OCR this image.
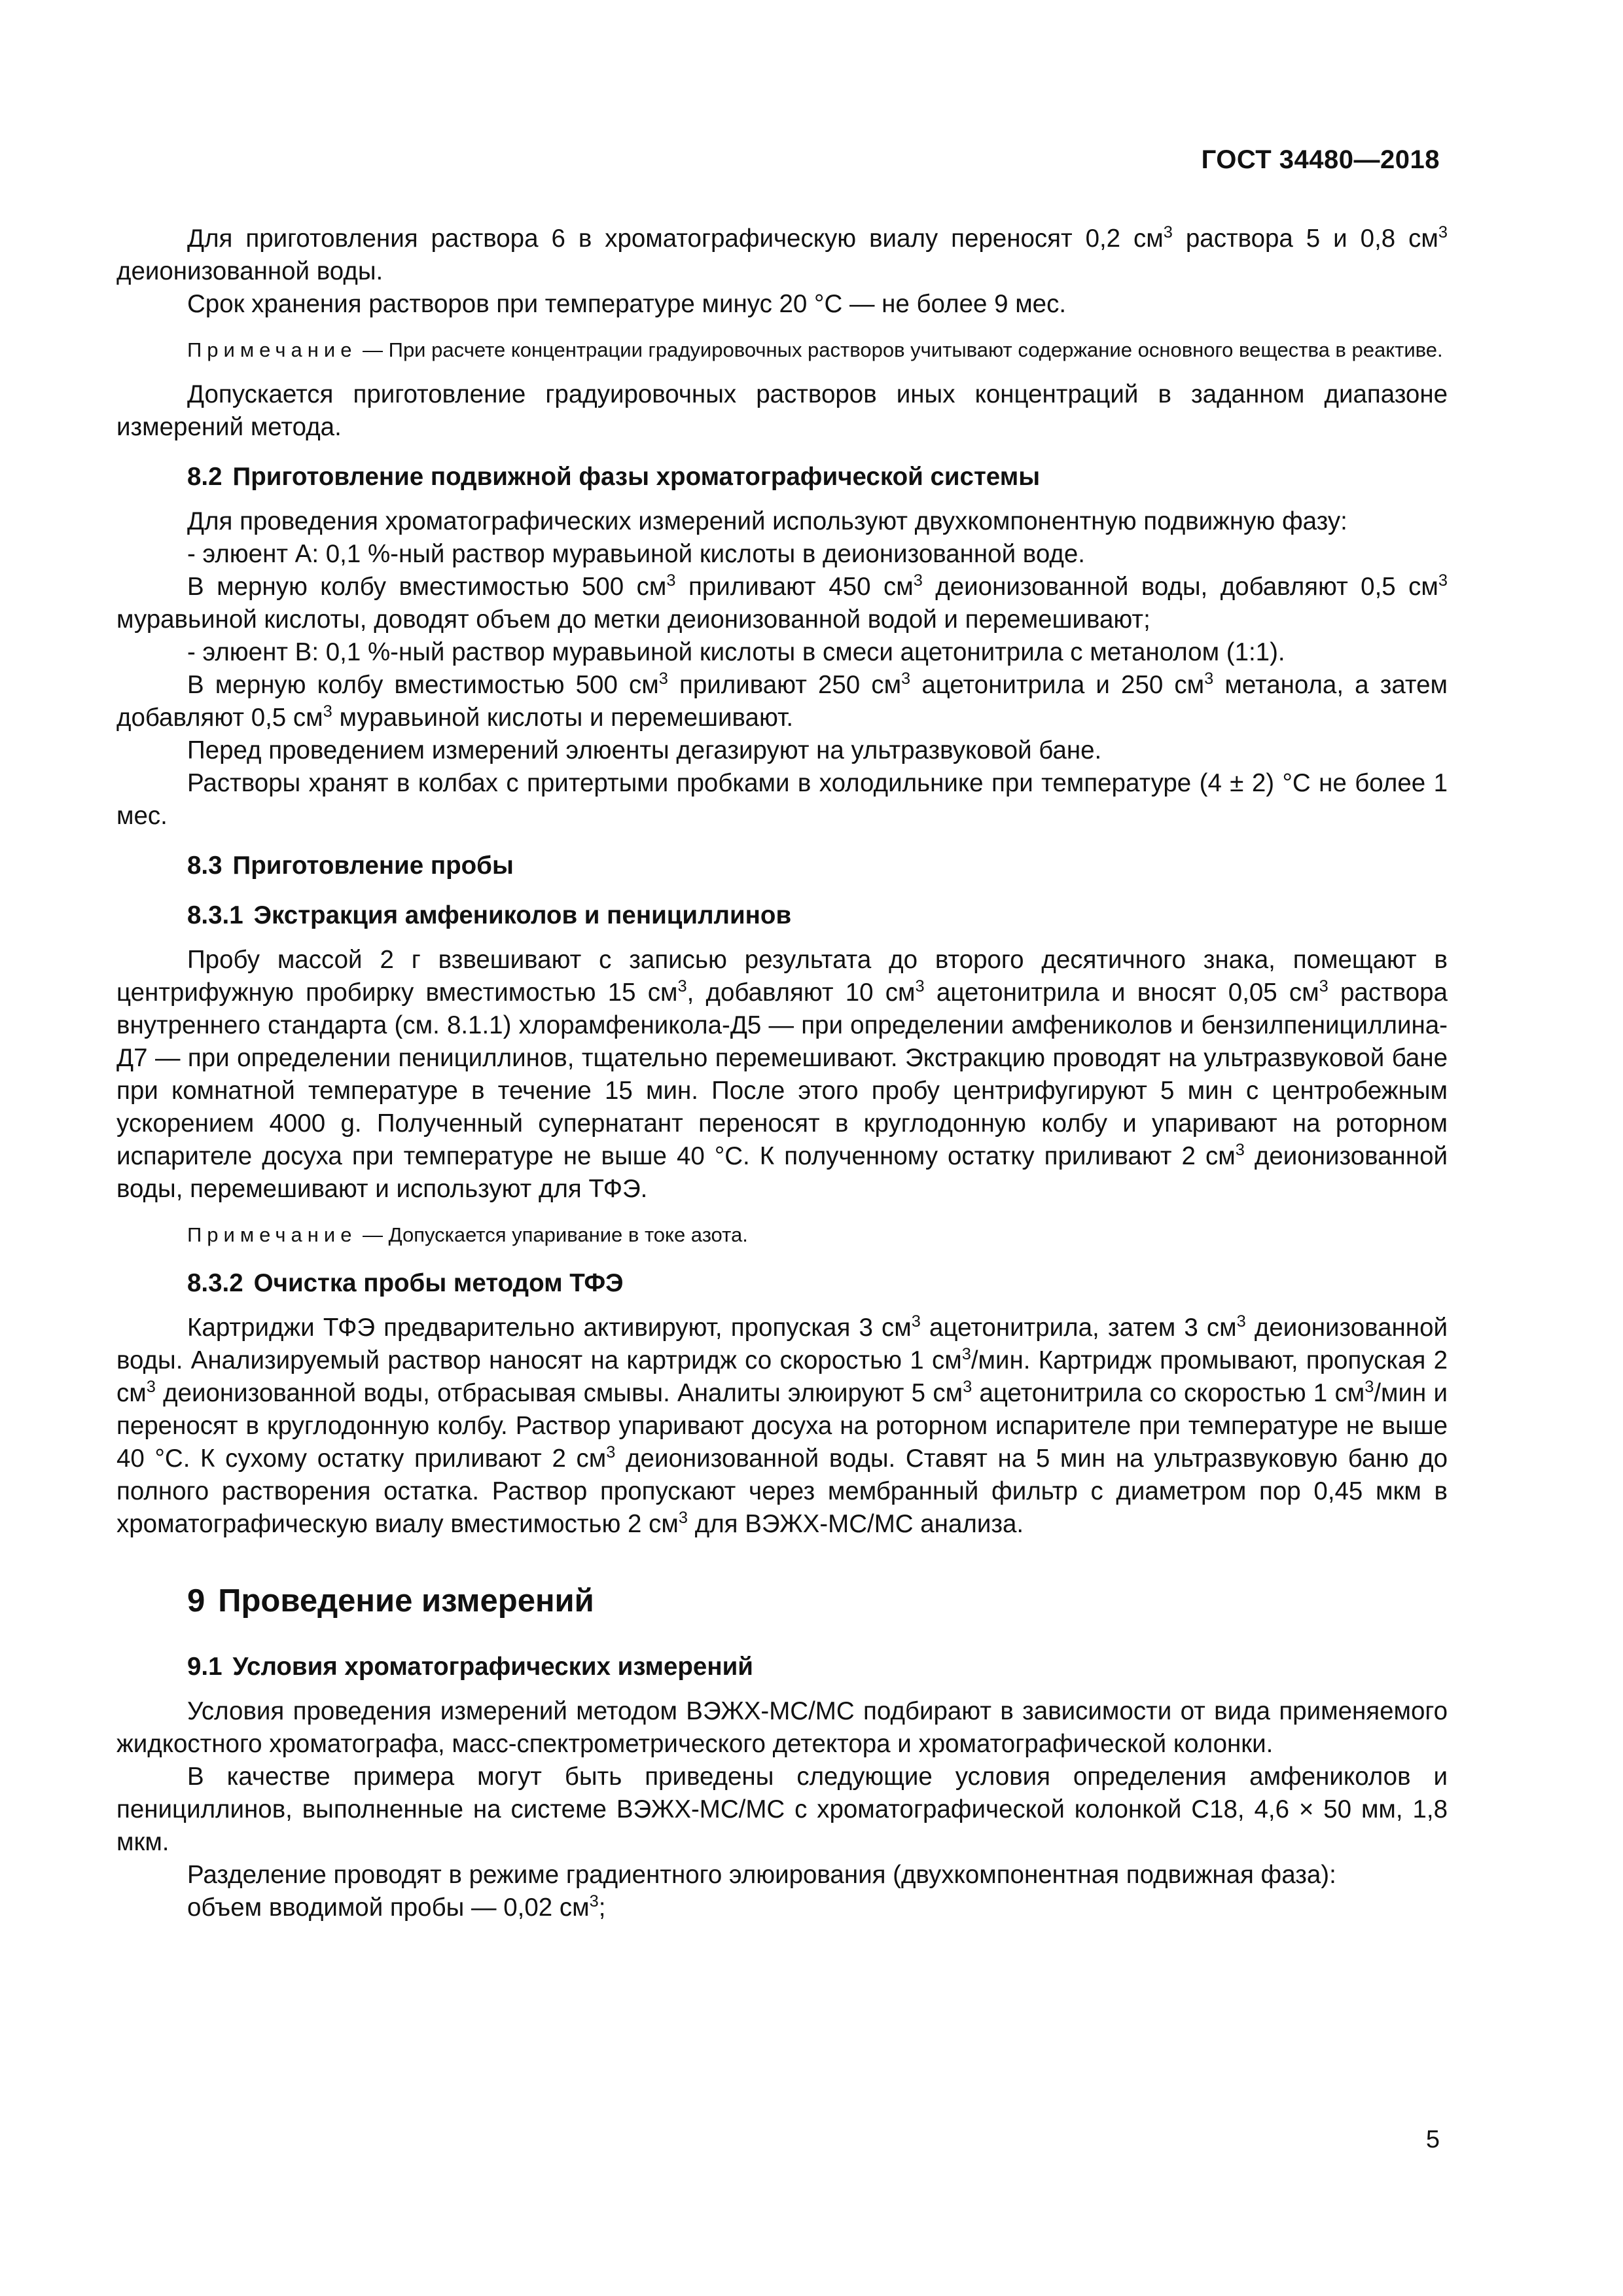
ГОСТ 34480—2018

Для приготовления раствора 6 в хроматографическую виалу переносят 0,2 $см^3$ раствора 5 и 0,8 $см^3$ деионизованной воды.

Срок хранения растворов при температуре минус 20 °С — не более 9 мес.

Примечание — При расчете концентрации градуировочных растворов учитывают содержание основного вещества в реактиве.

Допускается приготовление градуировочных растворов иных концентраций в заданном диапазоне измерений метода.

8.2 Приготовление подвижной фазы хроматографической системы

Для проведения хроматографических измерений используют двухкомпонентную подвижную фазу:

- элюент А: 0,1 %-ный раствор муравьиной кислоты в деионизованной воде.

В мерную колбу вместимостью 500 $см^3$ приливают 450 $см^3$ деионизованной воды, добавляют 0,5 $см^3$ муравьиной кислоты, доводят объем до метки деионизованной водой и перемешивают;

- элюент В: 0,1 %-ный раствор муравьиной кислоты в смеси ацетонитрила с метанолом (1:1).

В мерную колбу вместимостью 500 $см^3$ приливают 250 $см^3$ ацетонитрила и 250 $см^3$ метанола, а затем добавляют 0,5 $см^3$ муравьиной кислоты и перемешивают.

Перед проведением измерений элюенты дегазируют на ультразвуковой бане.

Растворы хранят в колбах с притертыми пробками в холодильнике при температуре (4 ± 2) °С не более 1 мес.

8.3 Приготовление пробы
8.3.1 Экстракция амфениколов и пенициллинов

Пробу массой 2 г взвешивают с записью результата до второго десятичного знака, помещают в центрифужную пробирку вместимостью 15 $см^3$, добавляют 10 $см^3$ ацетонитрила и вносят 0,05 $см^3$ раствора внутреннего стандарта (см. 8.1.1) хлорамфеникола-Д5 — при определении амфениколов и бензилпенициллина-Д7 — при определении пенициллинов, тщательно перемешивают. Экстракцию проводят на ультразвуковой бане при комнатной температуре в течение 15 мин. После этого пробу центрифугируют 5 мин с центробежным ускорением 4000 g. Полученный супернатант переносят в круглодонную колбу и упаривают на роторном испарителе досуха при температуре не выше 40 °С. К полученному остатку приливают 2 $см^3$ деионизованной воды, перемешивают и используют для ТФЭ.

Примечание — Допускается упаривание в токе азота.

8.3.2 Очистка пробы методом ТФЭ

Картриджи ТФЭ предварительно активируют, пропуская 3 $см^3$ ацетонитрила, затем 3 $см^3$ деионизованной воды. Анализируемый раствор наносят на картридж со скоростью 1 $см^3$/мин. Картридж промывают, пропуская 2 $см^3$ деионизованной воды, отбрасывая смывы. Аналиты элюируют 5 $см^3$ ацетонитрила со скоростью 1 $см^3$/мин и переносят в круглодонную колбу. Раствор упаривают досуха на роторном испарителе при температуре не выше 40 °С. К сухому остатку приливают 2 $см^3$ деионизованной воды. Ставят на 5 мин на ультразвуковую баню до полного растворения остатка. Раствор пропускают через мембранный фильтр с диаметром пор 0,45 мкм в хроматографическую виалу вместимостью 2 $см^3$ для ВЭЖХ-МС/МС анализа.

9 Проведение измерений
9.1 Условия хроматографических измерений

Условия проведения измерений методом ВЭЖХ-МС/МС подбирают в зависимости от вида применяемого жидкостного хроматографа, масс-спектрометрического детектора и хроматографической колонки.

В качестве примера могут быть приведены следующие условия определения амфениколов и пенициллинов, выполненные на системе ВЭЖХ-МС/МС с хроматографической колонкой С18, 4,6 × 50 мм, 1,8 мкм.

Разделение проводят в режиме градиентного элюирования (двухкомпонентная подвижная фаза):

объем вводимой пробы — 0,02 $см^3$;

5
